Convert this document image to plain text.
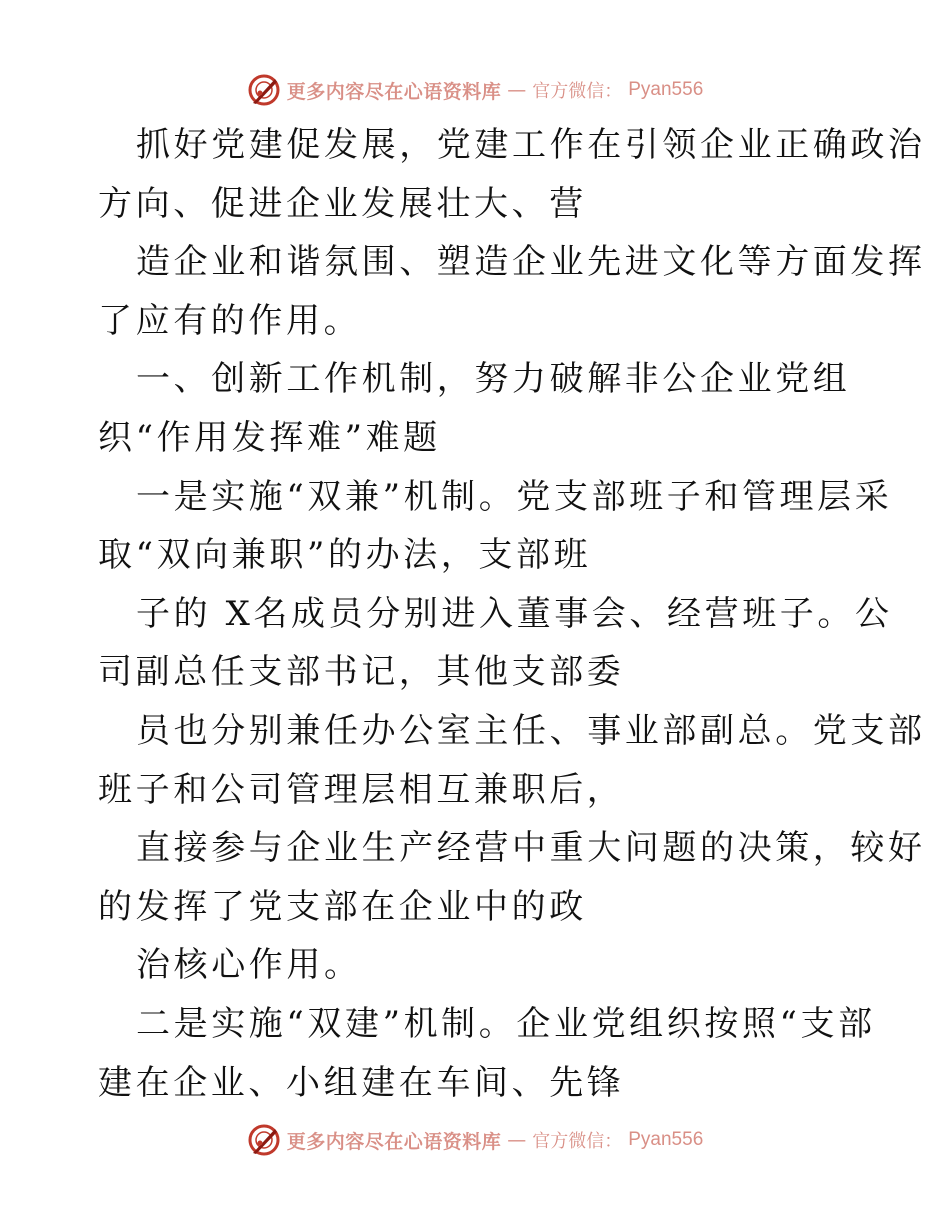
更多内容尽在心语资料库 — 官方微信： Pyan556
抓好党建促发展，党建工作在引领企业正确政治
方向、促进企业发展壮大、营
造企业和谐氛围、塑造企业先进文化等方面发挥
了应有的作用。
一、创新工作机制，努力破解非公企业党组
织“作用发挥难”难题
一是实施“双兼”机制。党支部班子和管理层采
取“双向兼职”的办法，支部班
子的 X名成员分别进入董事会、经营班子。公
司副总任支部书记，其他支部委
员也分别兼任办公室主任、事业部副总。党支部
班子和公司管理层相互兼职后，
直接参与企业生产经营中重大问题的决策，较好
的发挥了党支部在企业中的政
治核心作用。
二是实施“双建”机制。企业党组织按照“支部
建在企业、小组建在车间、先锋
更多内容尽在心语资料库 — 官方微信： Pyan556
